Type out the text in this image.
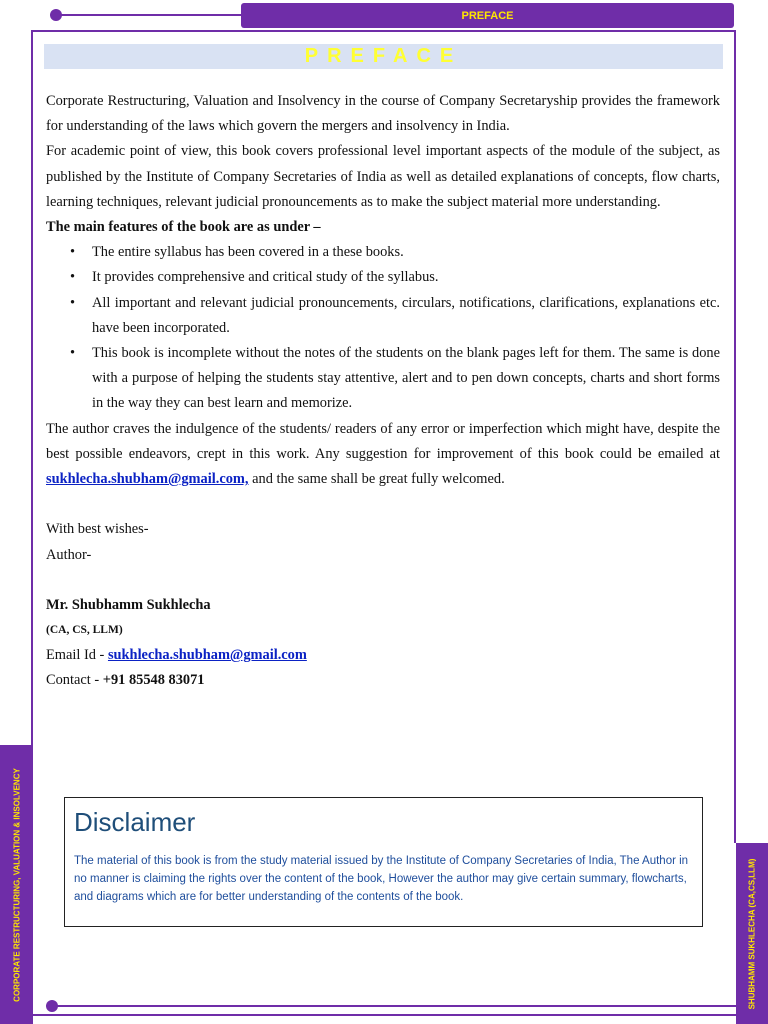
PREFACE
PREFACE

Corporate Restructuring, Valuation and Insolvency in the course of Company Secretaryship provides the framework for understanding of the laws which govern the mergers and insolvency in India.

For academic point of view, this book covers professional level important aspects of the module of the subject, as published by the Institute of Company Secretaries of India as well as detailed explanations of concepts, flow charts, learning techniques, relevant judicial pronouncements as to make the subject material more understanding.

The main features of the book are as under –

• The entire syllabus has been covered in a these books.
• It provides comprehensive and critical study of the syllabus.
• All important and relevant judicial pronouncements, circulars, notifications, clarifications, explanations etc. have been incorporated.
• This book is incomplete without the notes of the students on the blank pages left for them. The same is done with a purpose of helping the students stay attentive, alert and to pen down concepts, charts and short forms in the way they can best learn and memorize.

The author craves the indulgence of the students/ readers of any error or imperfection which might have, despite the best possible endeavors, crept in this work. Any suggestion for improvement of this book could be emailed at sukhlecha.shubham@gmail.com, and the same shall be great fully welcomed.

With best wishes-

Author-

Mr. Shubhamm Sukhlecha

(CA, CS, LLM)

Email Id - sukhlecha.shubham@gmail.com

Contact - +91 85548 83071

Disclaimer

The material of this book is from the study material issued by the Institute of Company Secretaries of India, The Author in no manner is claiming the rights over the content of the book, However the author may give certain summary, flowcharts, and diagrams which are for better understanding of the contents of the book.

CORPORATE RESTRUCTURING, VALUATION & INSOLVENCY	SHUBHAMM SUKHLECHA (CA,CS,LLM)
